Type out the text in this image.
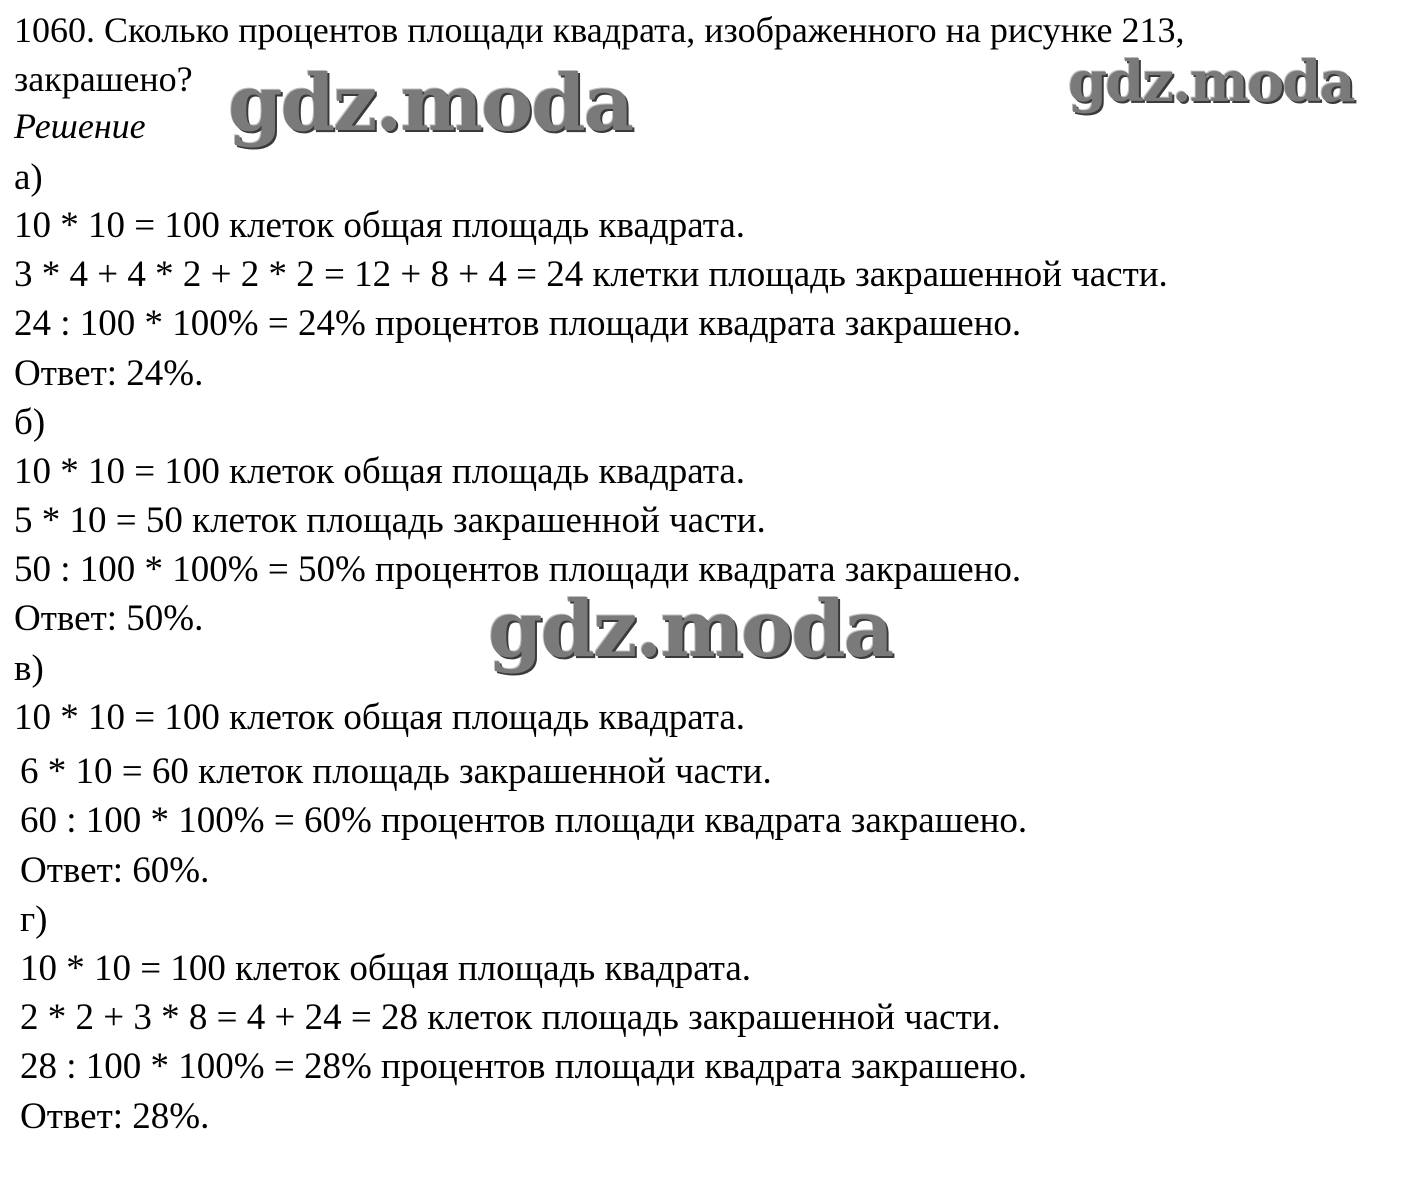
1060. Сколько процентов площади квадрата, изображенного на рисунке 213,
закрашено?
Решение
а)
10 * 10 = 100 клеток общая площадь квадрата.
3 * 4 + 4 * 2 + 2 * 2 = 12 + 8 + 4 = 24 клетки площадь закрашенной части.
24 : 100 * 100% = 24% процентов площади квадрата закрашено.
Ответ: 24%.
б)
10 * 10 = 100 клеток общая площадь квадрата.
5 * 10 = 50 клеток площадь закрашенной части.
50 : 100 * 100% = 50% процентов площади квадрата закрашено.
Ответ: 50%.
в)
10 * 10 = 100 клеток общая площадь квадрата.
6 * 10 = 60 клеток площадь закрашенной части.
60 : 100 * 100% = 60% процентов площади квадрата закрашено.
Ответ: 60%.
г)
10 * 10 = 100 клеток общая площадь квадрата.
2 * 2 + 3 * 8 = 4 + 24 = 28 клеток площадь закрашенной части.
28 : 100 * 100% = 28% процентов площади квадрата закрашено.
Ответ: 28%.
gdz.moda	gdz.moda
gdz.moda
